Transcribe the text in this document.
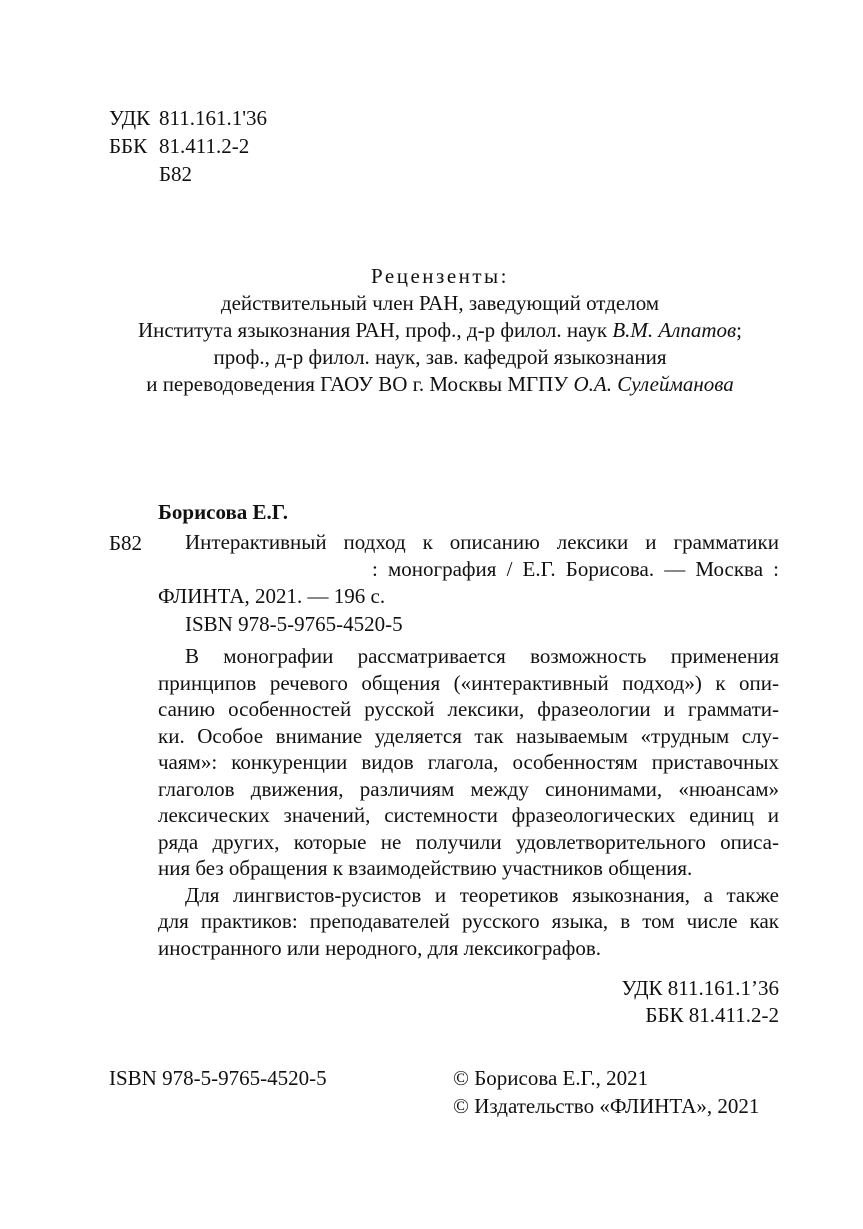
УДК 811.161.1'36
ББК 81.411.2-2
Б82
Рецензенты:
действительный член РАН, заведующий отделом
Института языкознания РАН, проф., д-р филол. наук В.М. Алпатов;
проф., д-р филол. наук, зав. кафедрой языкознания
и переводоведения ГАОУ ВО г. Москвы МГПУ О.А. Сулейманова
Борисова Е.Г.
Б82	Интерактивный подход к описанию лексики и грамматики
: монография / Е.Г. Борисова. — Москва :
ФЛИНТА, 2021. — 196 с.
ISBN 978-5-9765-4520-5
В монографии рассматривается возможность применения
принципов речевого общения («интерактивный подход») к опи-
санию особенностей русской лексики, фразеологии и граммати-
ки. Особое внимание уделяется так называемым «трудным слу-
чаям»: конкуренции видов глагола, особенностям приставочных
глаголов движения, различиям между синонимами, «нюансам»
лексических значений, системности фразеологических единиц и
ряда других, которые не получили удовлетворительного описа-
ния без обращения к взаимодействию участников общения.
Для лингвистов-русистов и теоретиков языкознания, а также
для практиков: преподавателей русского языка, в том числе как
иностранного или неродного, для лексикографов.
УДК 811.161.1’36
ББК 81.411.2-2
ISBN 978-5-9765-4520-5	© Борисова Е.Г., 2021
© Издательство «ФЛИНТА», 2021
